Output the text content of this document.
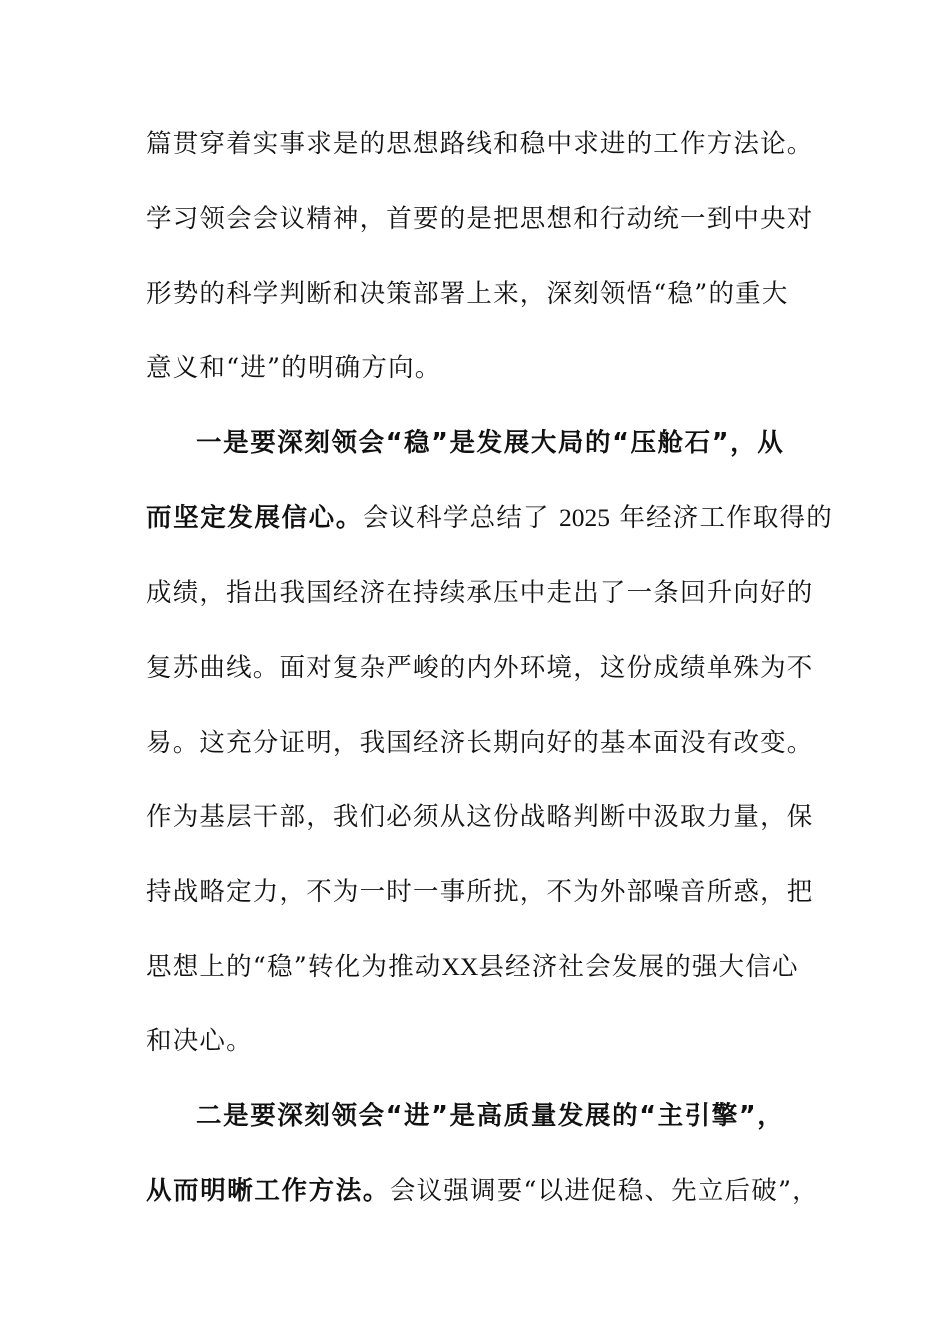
篇贯穿着实事求是的思想路线和稳中求进的工作方法论。
学习领会会议精神，首要的是把思想和行动统一到中央对
形势的科学判断和决策部署上来，深刻领悟“稳”的重大
意义和“进”的明确方向。
一是要深刻领会“稳”是发展大局的“压舱石”，从
而坚定发展信心。会议科学总结了 2025 年经济工作取得的
成绩，指出我国经济在持续承压中走出了一条回升向好的
复苏曲线。面对复杂严峻的内外环境，这份成绩单殊为不
易。这充分证明，我国经济长期向好的基本面没有改变。
作为基层干部，我们必须从这份战略判断中汲取力量，保
持战略定力，不为一时一事所扰，不为外部噪音所惑，把
思想上的“稳”转化为推动XX县经济社会发展的强大信心
和决心。
二是要深刻领会“进”是高质量发展的“主引擎”，
从而明晰工作方法。会议强调要“以进促稳、先立后破”，
